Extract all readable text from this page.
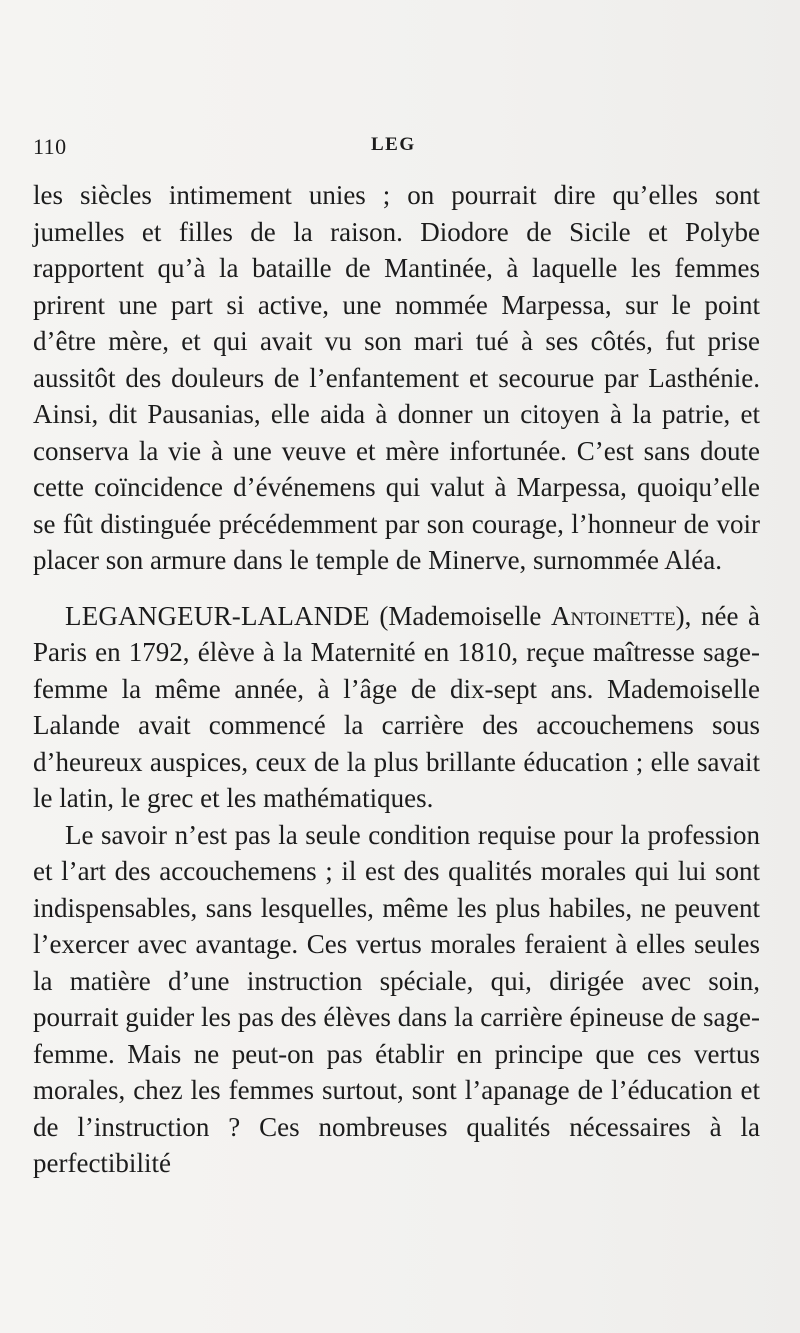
110	LEG

les siècles intimement unies ; on pourrait dire qu’elles sont jumelles et filles de la raison. Diodore de Sicile et Polybe rapportent qu’à la bataille de Mantinée, à laquelle les femmes prirent une part si active, une nommée Marpessa, sur le point d’être mère, et qui avait vu son mari tué à ses côtés, fut prise aussitôt des douleurs de l’enfantement et secourue par Lasthénie. Ainsi, dit Pausanias, elle aida à donner un citoyen à la patrie, et conserva la vie à une veuve et mère infortunée. C’est sans doute cette coïncidence d’événemens qui valut à Marpessa, quoiqu’elle se fût distinguée précédemment par son courage, l’honneur de voir placer son armure dans le temple de Minerve, surnommée Aléa.

LEGANGEUR-LALANDE (Mademoiselle Antoinette), née à Paris en 1792, élève à la Maternité en 1810, reçue maîtresse sage-femme la même année, à l’âge de dix-sept ans. Mademoiselle Lalande avait commencé la carrière des accouchemens sous d’heureux auspices, ceux de la plus brillante éducation ; elle savait le latin, le grec et les mathématiques.

Le savoir n’est pas la seule condition requise pour la profession et l’art des accouchemens ; il est des qualités morales qui lui sont indispensables, sans lesquelles, même les plus habiles, ne peuvent l’exercer avec avantage. Ces vertus morales feraient à elles seules la matière d’une instruction spéciale, qui, dirigée avec soin, pourrait guider les pas des élèves dans la carrière épineuse de sage-femme. Mais ne peut-on pas établir en principe que ces vertus morales, chez les femmes surtout, sont l’apanage de l’éducation et de l’instruction ? Ces nombreuses qualités nécessaires à la perfectibilité
